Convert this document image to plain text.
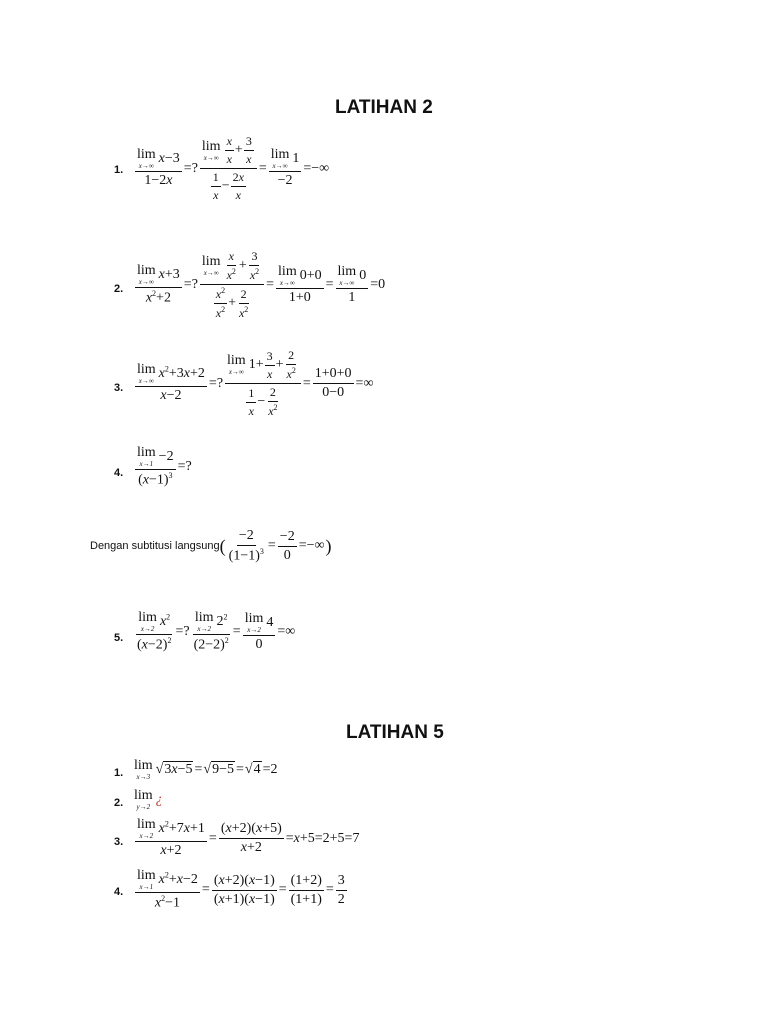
LATIHAN 2
1. lim
x→∞ x−3
1−2x =? lim
$x\to\infty \frac{x}{x} + \frac{3}{x}$
$\frac{1}{x} - \frac{2x}{x} = \lim$
x→∞ 1
−2 =−∞
2. lim
x→∞ x+3
$x^2+2$ =? lim
$x\to\infty \frac{x}{x^2} + \frac{3}{x^2}$
$\frac{x^2}{x^2} + \frac{2}{x^2} = \lim$
x→∞ 0+0
1+0 = lim
x→∞ 0
1 =0
3. lim
x→∞ $x^2+3x+2$
x−2 =? lim
x→∞ $1+ \frac{3}{x} + \frac{2}{x^2}$
$\frac{1}{x} - \frac{2}{x^2} = \frac{1+0+0}{0-0}$ =∞
4. lim
x→1 −2
$(x-1)^3$ =?
Dengan subtitusi langsung ( $\frac{-2}{(1-1)^3} = \frac{-2}{0}$ =−∞ )
5. lim
x→2 $x^2$
$(x-2)^2$ =? lim
x→2 $2^2$
$(2-2)^2 = \lim$
x→2 4
0 =∞
LATIHAN 5
1. lim
x→3 √3x−5 = √9−5 = √4 =2
2. lim
y→2 ¿
3. lim
x→2 $x^2+7x+1$
$x+2 = \frac{(x+2)(x+5)}{x+2} =x+5=2+5=7$
4. lim
x→1 $x^2+x-2$
$x^2-1 = \frac{(x+2)(x-1)}{(x+1)(x-1)} = \frac{(1+2)}{(1+1)} = \frac{3}{2}$
